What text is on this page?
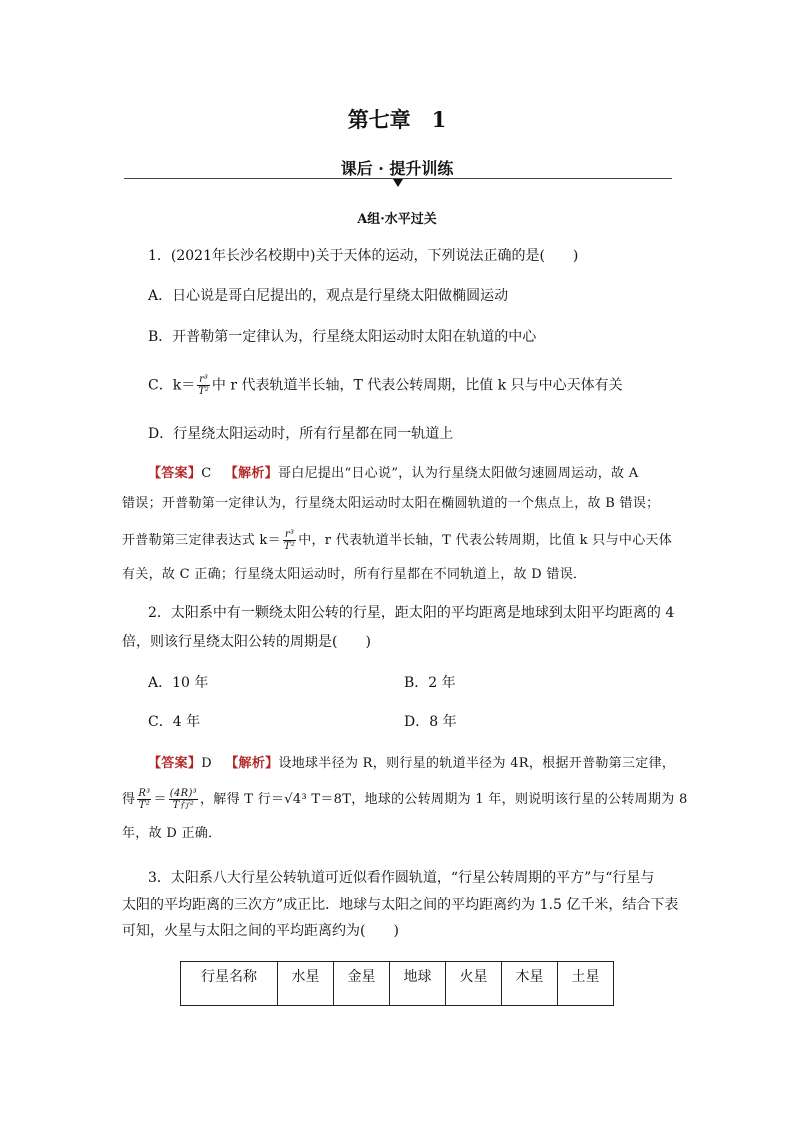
第七章　1
课后 · 提升训练
A组·水平过关
1．(2021年长沙名校期中)关于天体的运动，下列说法正确的是(　　)
A．日心说是哥白尼提出的，观点是行星绕太阳做椭圆运动
B．开普勒第一定律认为，行星绕太阳运动时太阳在轨道的中心
C．$k= \frac{\text{r³}}{\text{T²}}$ 中 r 代表轨道半长轴，T 代表公转周期，比值 k 只与中心天体有关
D．行星绕太阳运动时，所有行星都在同一轨道上
【答案】C 【解析】哥白尼提出“日心说”，认为行星绕太阳做匀速圆周运动，故 A
错误；开普勒第一定律认为，行星绕太阳运动时太阳在椭圆轨道的一个焦点上，故 B 错误；
开普勒第三定律表达式 $k= \frac{\text{r³}}{\text{T²}}$ 中，r 代表轨道半长轴，T 代表公转周期，比值 k 只与中心天体
有关，故 C 正确；行星绕太阳运动时，所有行星都在不同轨道上，故 D 错误．
2．太阳系中有一颗绕太阳公转的行星，距太阳的平均距离是地球到太阳平均距离的 4
倍，则该行星绕太阳公转的周期是(　　)
A．10 年	B．2 年
C．4 年	D．8 年
【答案】D 【解析】设地球半径为 R，则行星的轨道半径为 4R，根据开普勒第三定律，
得 $\frac{\text{R³}}{\text{T²}} = \frac{\text{(4R)³}}{\text{T行²}}$ ，解得 T 行＝√4³ T＝8T，地球的公转周期为 1 年，则说明该行星的公转周期为 8
年，故 D 正确．
3．太阳系八大行星公转轨道可近似看作圆轨道，“行星公转周期的平方”与“行星与
太阳的平均距离的三次方”成正比．地球与太阳之间的平均距离约为 1.5 亿千米，结合下表
可知，火星与太阳之间的平均距离约为(　　)
行星名称	水星	金星	地球	火星	木星	土星
